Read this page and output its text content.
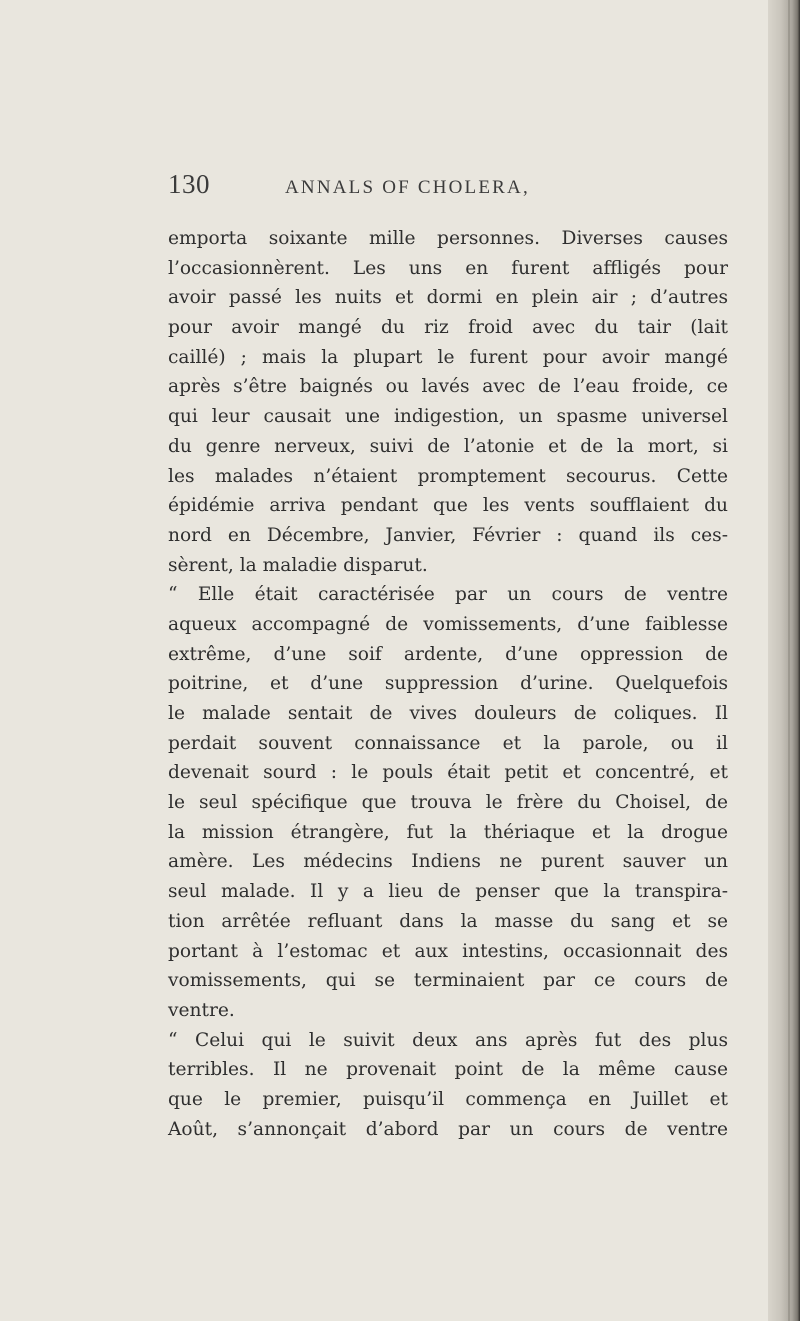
130	ANNALS OF CHOLERA,
emporta soixante mille personnes. Diverses causes
l’occasionnèrent. Les uns en furent affligés pour
avoir passé les nuits et dormi en plein air ; d’autres
pour avoir mangé du riz froid avec du tair (lait
caillé) ; mais la plupart le furent pour avoir mangé
après s’être baignés ou lavés avec de l’eau froide, ce
qui leur causait une indigestion, un spasme universel
du genre nerveux, suivi de l’atonie et de la mort, si
les malades n’étaient promptement secourus. Cette
épidémie arriva pendant que les vents soufflaient du
nord en Décembre, Janvier, Février : quand ils ces-
sèrent, la maladie disparut.
“ Elle était caractérisée par un cours de ventre
aqueux accompagné de vomissements, d’une faiblesse
extrême, d’une soif ardente, d’une oppression de
poitrine, et d’une suppression d’urine. Quelquefois
le malade sentait de vives douleurs de coliques. Il
perdait souvent connaissance et la parole, ou il
devenait sourd : le pouls était petit et concentré, et
le seul spécifique que trouva le frère du Choisel, de
la mission étrangère, fut la thériaque et la drogue
amère. Les médecins Indiens ne purent sauver un
seul malade. Il y a lieu de penser que la transpira-
tion arrêtée refluant dans la masse du sang et se
portant à l’estomac et aux intestins, occasionnait des
vomissements, qui se terminaient par ce cours de
ventre.
“ Celui qui le suivit deux ans après fut des plus
terribles. Il ne provenait point de la même cause
que le premier, puisqu’il commença en Juillet et
Août, s’annonçait d’abord par un cours de ventre
